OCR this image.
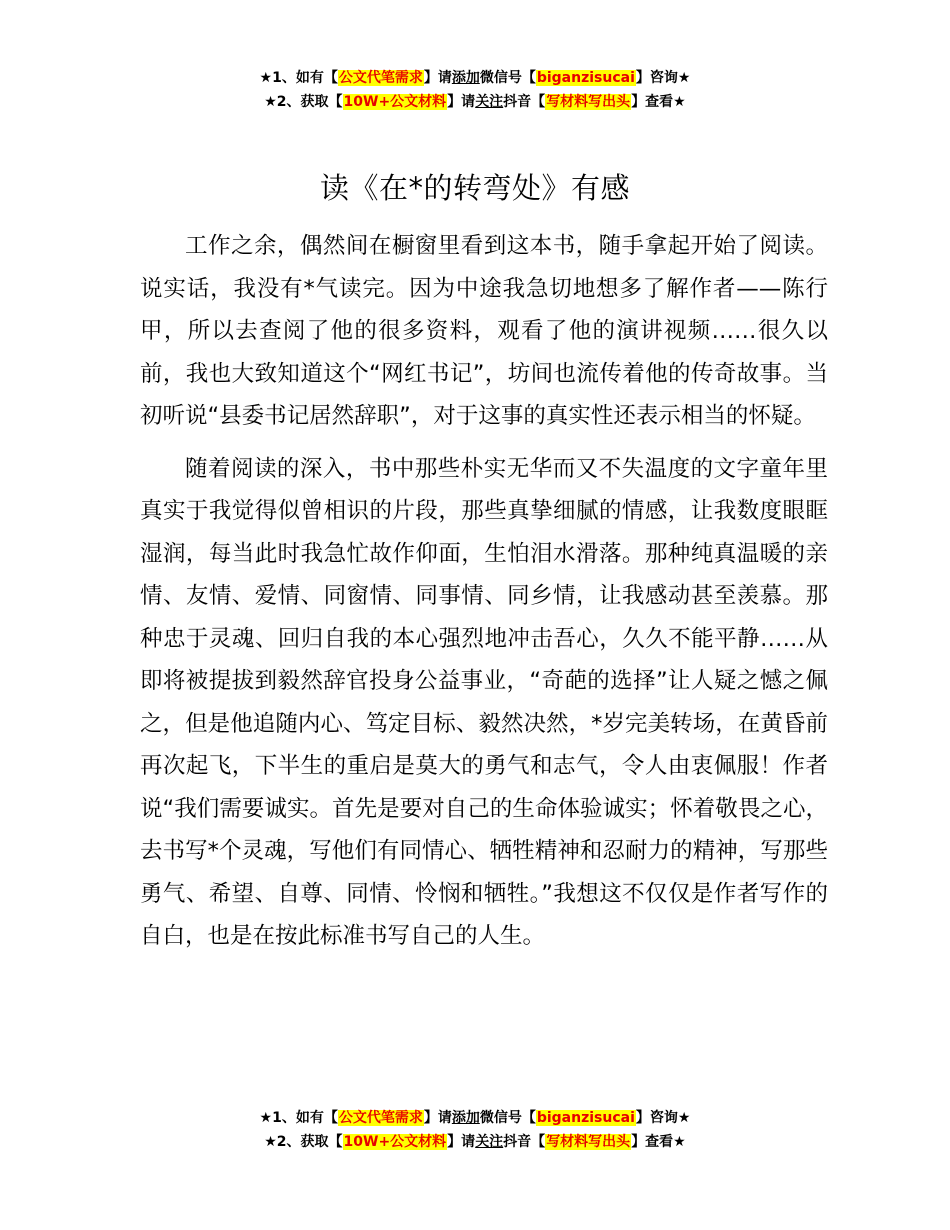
★1、如有【公文代笔需求】请添加微信号【biganzisucai】咨询★
★2、获取【10W+公文材料】请关注抖音【写材料写出头】查看★
读《在*的转弯处》有感

工作之余，偶然间在橱窗里看到这本书，随手拿起开始了阅读。说实话，我没有*气读完。因为中途我急切地想多了解作者——陈行甲，所以去查阅了他的很多资料，观看了他的演讲视频……很久以前，我也大致知道这个“网红书记”，坊间也流传着他的传奇故事。当初听说“县委书记居然辞职”，对于这事的真实性还表示相当的怀疑。

随着阅读的深入，书中那些朴实无华而又不失温度的文字童年里真实于我觉得似曾相识的片段，那些真挚细腻的情感，让我数度眼眶湿润，每当此时我急忙故作仰面，生怕泪水滑落。那种纯真温暖的亲情、友情、爱情、同窗情、同事情、同乡情，让我感动甚至羡慕。那种忠于灵魂、回归自我的本心强烈地冲击吾心，久久不能平静……从即将被提拔到毅然辞官投身公益事业，“奇葩的选择”让人疑之憾之佩之，但是他追随内心、笃定目标、毅然决然，*岁完美转场，在黄昏前再次起飞，下半生的重启是莫大的勇气和志气，令人由衷佩服！作者说“我们需要诚实。首先是要对自己的生命体验诚实；怀着敬畏之心，去书写*个灵魂，写他们有同情心、牺牲精神和忍耐力的精神，写那些勇气、希望、自尊、同情、怜悯和牺牲。”我想这不仅仅是作者写作的自白，也是在按此标准书写自己的人生。

★1、如有【公文代笔需求】请添加微信号【biganzisucai】咨询★
★2、获取【10W+公文材料】请关注抖音【写材料写出头】查看★
